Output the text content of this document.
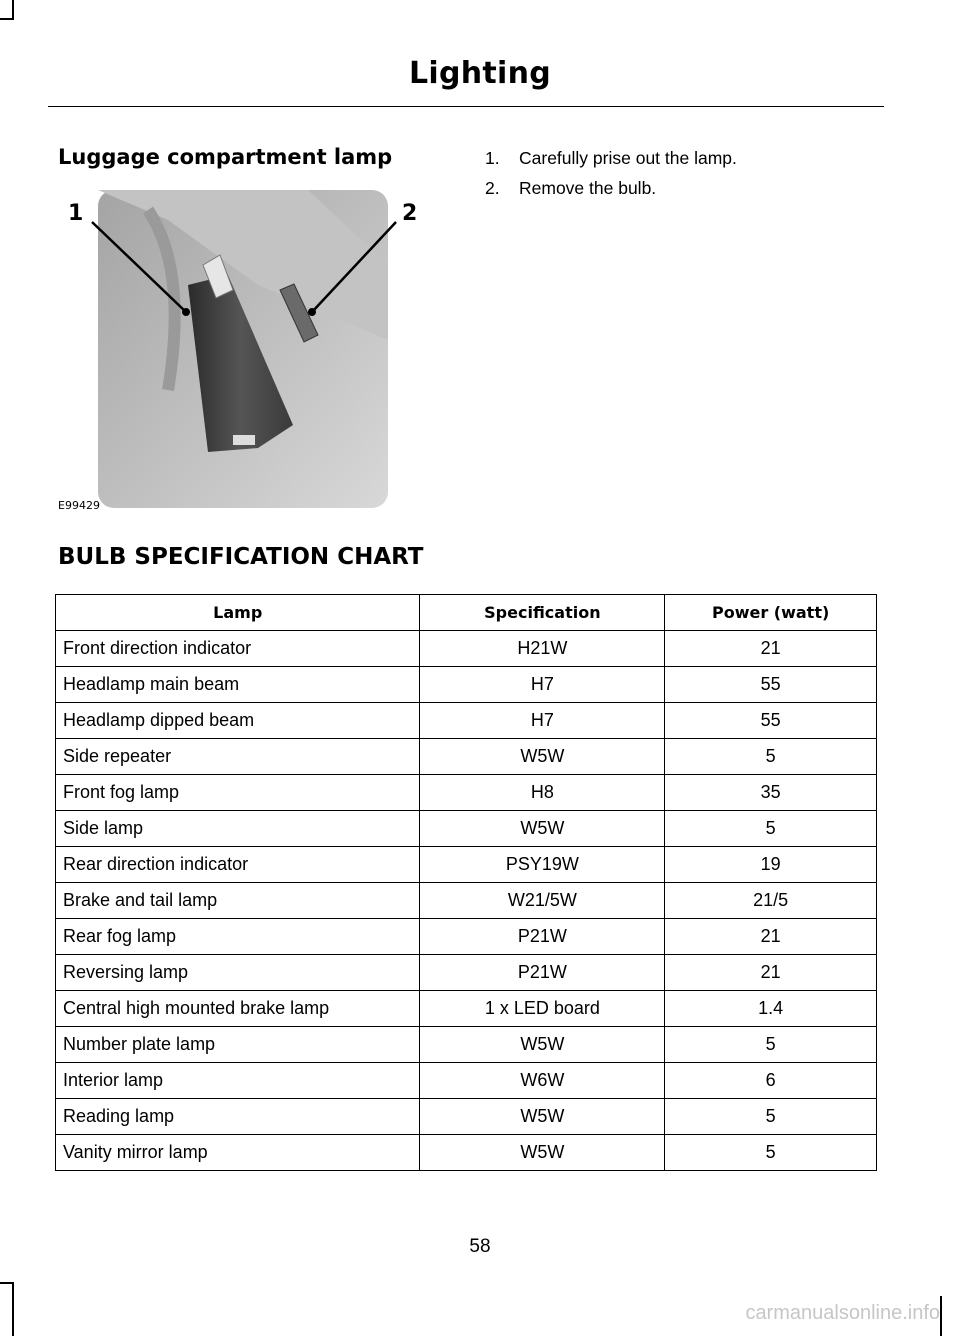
Lighting
Luggage compartment lamp	1.	Carefully prise out the lamp.
2.	Remove the bulb.
1	2
E99429
BULB SPECIFICATION CHART
Lamp	Specification	Power (watt)
Front direction indicator	H21W	21
Headlamp main beam	H7	55
Headlamp dipped beam	H7	55
Side repeater	W5W	5
Front fog lamp	H8	35
Side lamp	W5W	5
Rear direction indicator	PSY19W	19
Brake and tail lamp	W21/5W	21/5
Rear fog lamp	P21W	21
Reversing lamp	P21W	21
Central high mounted brake lamp	1 x LED board	1.4
Number plate lamp	W5W	5
Interior lamp	W6W	6
Reading lamp	W5W	5
Vanity mirror lamp	W5W	5
58
carmanualsonline.info
